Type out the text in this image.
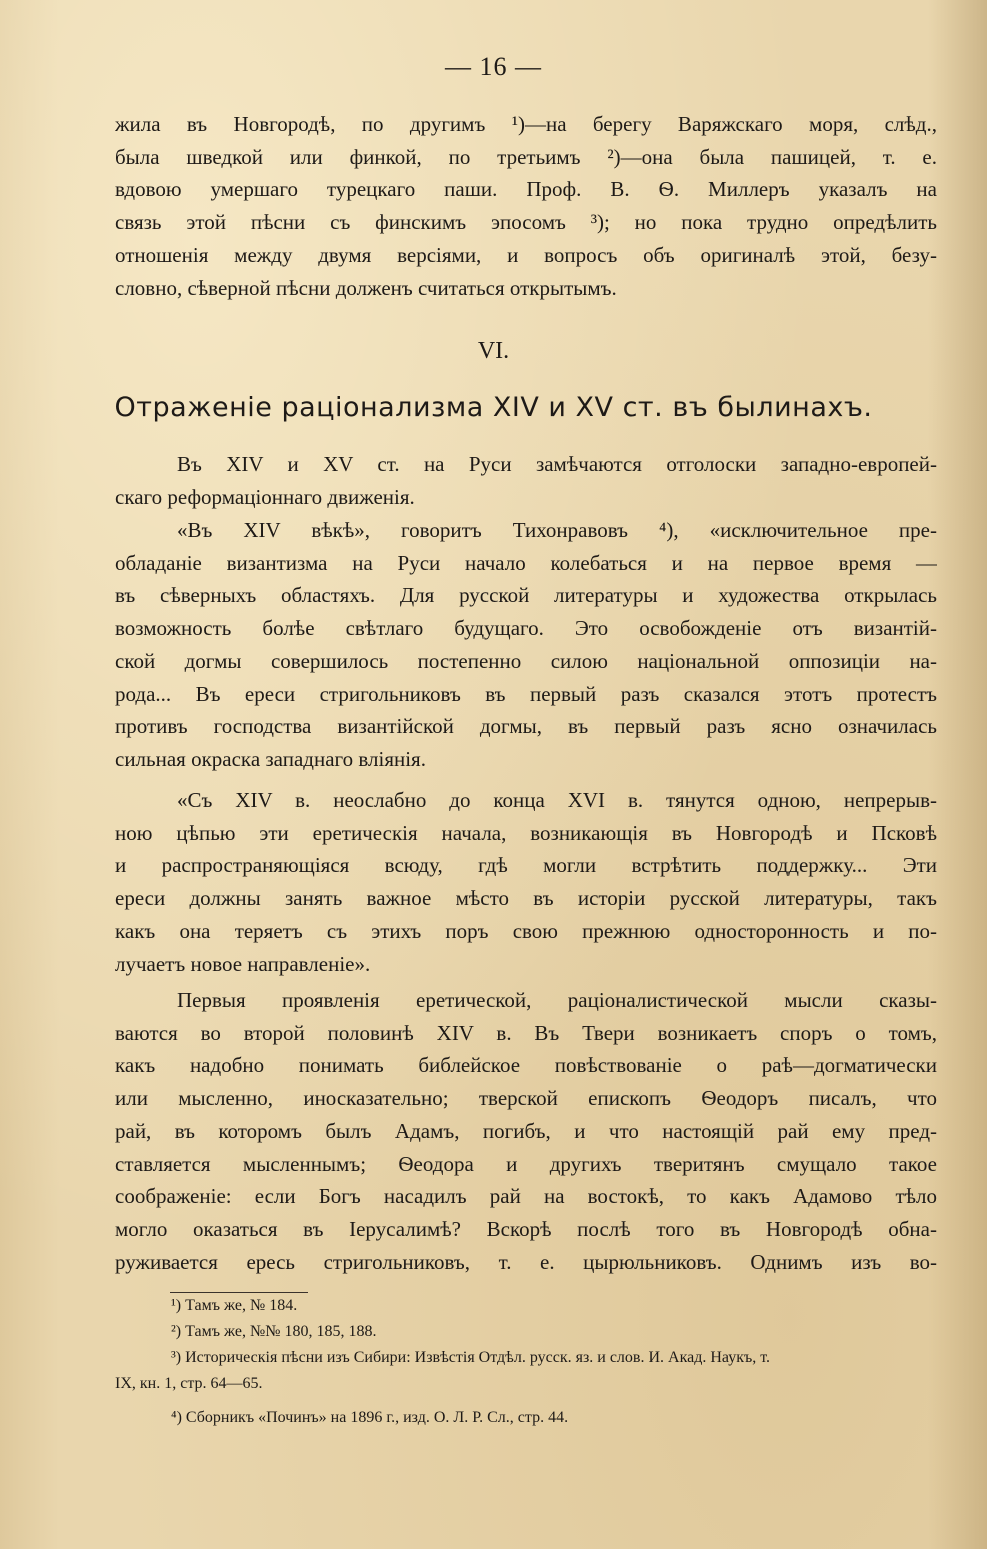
— 16 —
жила въ Новгородѣ, по другимъ ¹)—на берегу Варяжскаго моря, слѣд.,
была шведкой или финкой, по третьимъ ²)—она была пашицей, т. е.
вдовою умершаго турецкаго паши. Проф. В. Ѳ. Миллеръ указалъ на
связь этой пѣсни съ финскимъ эпосомъ ³); но пока трудно опредѣлить
отношенія между двумя версіями, и вопросъ объ оригиналѣ этой, безу-
словно, сѣверной пѣсни долженъ считаться открытымъ.
VI.
Отраженіе раціонализма XIV и XV ст. въ былинахъ.
Въ XIV и XV ст. на Руси замѣчаются отголоски западно-европей-
скаго реформаціоннаго движенія.
«Въ XIV вѣкѣ», говоритъ Тихонравовъ ⁴), «исключительное пре-
обладаніе византизма на Руси начало колебаться и на первое время —
въ сѣверныхъ областяхъ. Для русской литературы и художества открылась
возможность болѣе свѣтлаго будущаго. Это освобожденіе отъ византій-
ской догмы совершилось постепенно силою національной оппозиціи на-
рода... Въ ереси стригольниковъ въ первый разъ сказался этотъ протестъ
противъ господства византійской догмы, въ первый разъ ясно означилась
сильная окраска западнаго вліянія.
«Съ XIV в. неослабно до конца XVI в. тянутся одною, непрерыв-
ною цѣпью эти еретическія начала, возникающія въ Новгородѣ и Псковѣ
и распространяющіяся всюду, гдѣ могли встрѣтить поддержку... Эти
ереси должны занять важное мѣсто въ исторіи русской литературы, такъ
какъ она теряетъ съ этихъ поръ свою прежнюю односторонность и по-
лучаетъ новое направленіе».
Первыя проявленія еретической, раціоналистической мысли сказы-
ваются во второй половинѣ XIV в. Въ Твери возникаетъ споръ о томъ,
какъ надобно понимать библейское повѣствованіе о раѣ—догматически
или мысленно, иносказательно; тверской епископъ Ѳеодоръ писалъ, что
рай, въ которомъ былъ Адамъ, погибъ, и что настоящій рай ему пред-
ставляется мысленнымъ; Ѳеодора и другихъ тверитянъ смущало такое
соображеніе: если Богъ насадилъ рай на востокѣ, то какъ Адамово тѣло
могло оказаться въ Іерусалимѣ? Вскорѣ послѣ того въ Новгородѣ обна-
руживается ересь стригольниковъ, т. е. цырюльниковъ. Однимъ изъ во-
¹) Тамъ же, № 184.
²) Тамъ же, №№ 180, 185, 188.
³) Историческія пѣсни изъ Сибири: Извѣстія Отдѣл. русск. яз. и слов. И. Акад. Наукъ, т.
IX, кн. 1, стр. 64—65.
⁴) Сборникъ «Починъ» на 1896 г., изд. О. Л. Р. Сл., стр. 44.
